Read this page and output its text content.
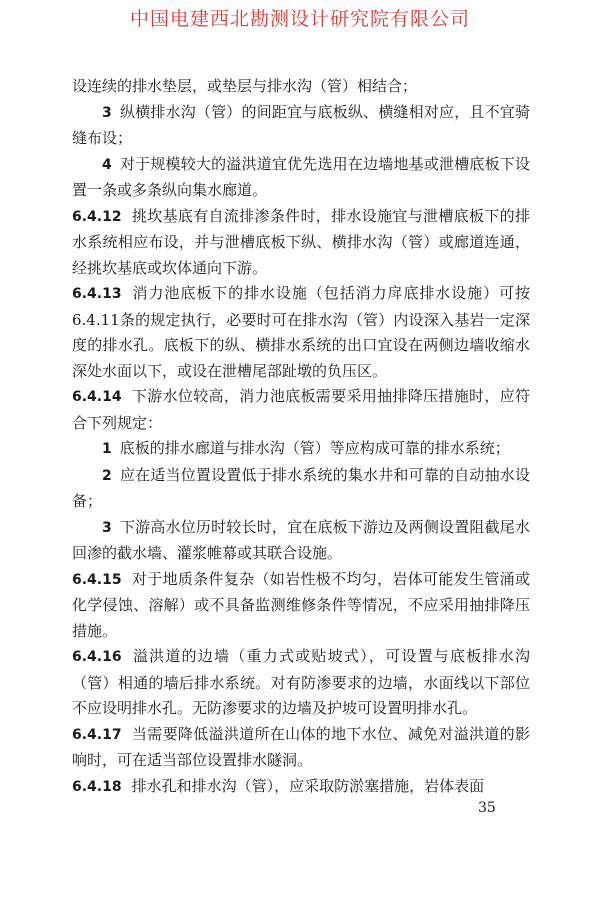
中国电建西北勘测设计研究院有限公司

设连续的排水垫层，或垫层与排水沟（管）相结合；

3 纵横排水沟（管）的间距宜与底板纵、横缝相对应，且不宜骑缝布设；

4 对于规模较大的溢洪道宜优先选用在边墙地基或泄槽底板下设置一条或多条纵向集水廊道。

6.4.12 挑坎基底有自流排渗条件时，排水设施宜与泄槽底板下的排水系统相应布设，并与泄槽底板下纵、横排水沟（管）或廊道连通，经挑坎基底或坎体通向下游。

6.4.13 消力池底板下的排水设施（包括消力戽底排水设施）可按6.4.11条的规定执行，必要时可在排水沟（管）内设深入基岩一定深度的排水孔。底板下的纵、横排水系统的出口宜设在两侧边墙收缩水深处水面以下，或设在泄槽尾部趾墩的负压区。

6.4.14 下游水位较高，消力池底板需要采用抽排降压措施时，应符合下列规定：

1 底板的排水廊道与排水沟（管）等应构成可靠的排水系统；

2 应在适当位置设置低于排水系统的集水井和可靠的自动抽水设备；

3 下游高水位历时较长时，宜在底板下游边及两侧设置阻截尾水回渗的截水墙、灌浆帷幕或其联合设施。

6.4.15 对于地质条件复杂（如岩性极不均匀，岩体可能发生管涌或化学侵蚀、溶解）或不具备监测维修条件等情况，不应采用抽排降压措施。

6.4.16 溢洪道的边墙（重力式或贴坡式），可设置与底板排水沟（管）相通的墙后排水系统。对有防渗要求的边墙，水面线以下部位不应设明排水孔。无防渗要求的边墙及护坡可设置明排水孔。

6.4.17 当需要降低溢洪道所在山体的地下水位、减免对溢洪道的影响时，可在适当部位设置排水隧洞。

6.4.18 排水孔和排水沟（管），应采取防淤塞措施，岩体表面

35
